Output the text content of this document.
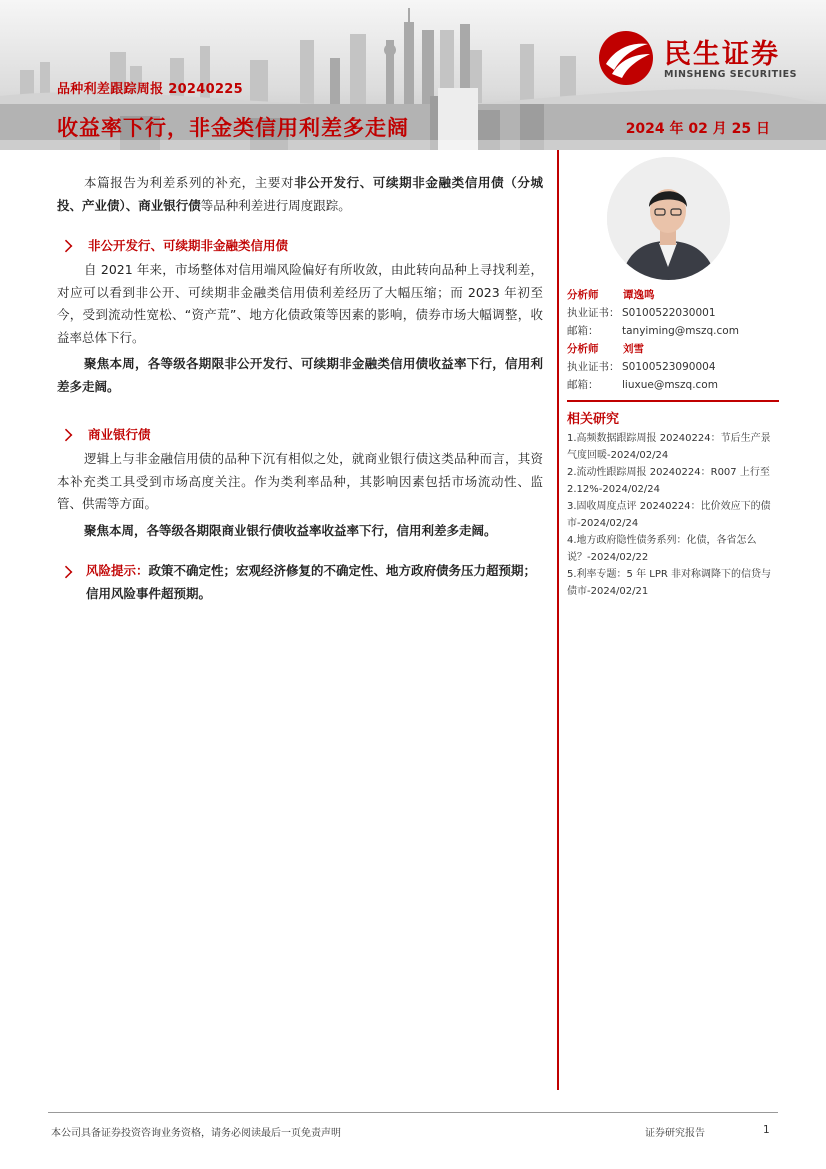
品种利差跟踪周报 20240225
收益率下行，非金类信用利差多走阔	2024 年 02 月 25 日
民生证券
MINSHENG SECURITIES

本篇报告为利差系列的补充，主要对非公开发行、可续期非金融类信用债（分城投、产业债）、商业银行债等品种利差进行周度跟踪。

非公开发行、可续期非金融类信用债

自 2021 年来，市场整体对信用端风险偏好有所收敛，由此转向品种上寻找利差，对应可以看到非公开、可续期非金融类信用债利差经历了大幅压缩；而 2023 年初至今，受到流动性宽松、“资产荒”、地方化债政策等因素的影响，债券市场大幅调整，收益率总体下行。

聚焦本周，各等级各期限非公开发行、可续期非金融类信用债收益率下行，信用利差多走阔。

商业银行债

逻辑上与非金融信用债的品种下沉有相似之处，就商业银行债这类品种而言，其资本补充类工具受到市场高度关注。作为类利率品种，其影响因素包括市场流动性、监管、供需等方面。

聚焦本周，各等级各期限商业银行债收益率收益率下行，信用利差多走阔。

风险提示：政策不确定性；宏观经济修复的不确定性、地方政府债务压力超预期；信用风险事件超预期。
分析师	谭逸鸣
执业证书： S0100522030001
邮箱：	tanyiming@mszq.com
分析师	刘雪
执业证书： S0100523090004
邮箱：	liuxue@mszq.com
相关研究
1.高频数据跟踪周报 20240224：节后生产景气度回暖-2024/02/24
2.流动性跟踪周报 20240224：R007 上行至 2.12%-2024/02/24
3.固收周度点评 20240224：比价效应下的债市-2024/02/24
4.地方政府隐性债务系列：化债，各省怎么说？-2024/02/22
5.利率专题：5 年 LPR 非对称调降下的信贷与债市-2024/02/21
本公司具备证券投资咨询业务资格，请务必阅读最后一页免责声明	证券研究报告	1
